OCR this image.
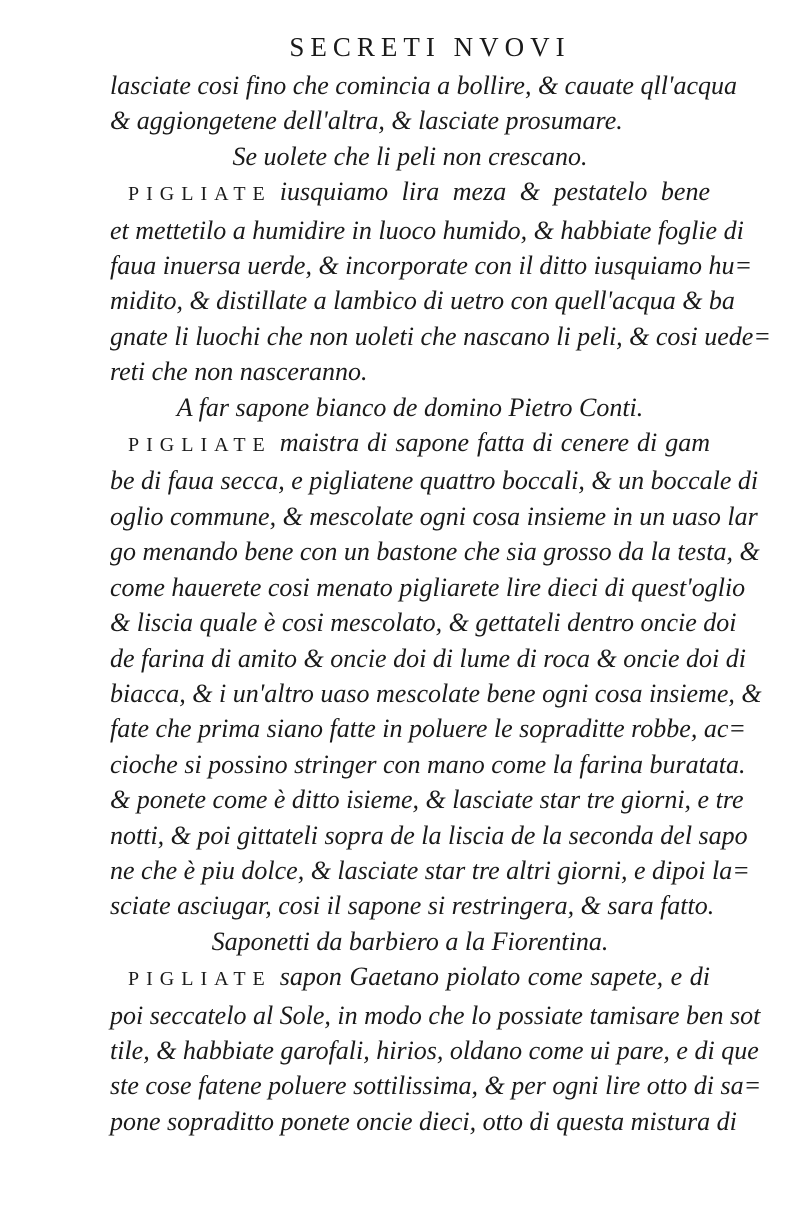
SECRETI NVOVI
lasciate cosi fino che comincia a bollire, & cauate qll'acqua
& aggiongetene dell'altra, & lasciate prosumare.
Se uolete che li peli non crescano.
PIGLIATE iusquiamo lira meza & pestatelo bene
et mettetilo a humidire in luoco humido, & habbiate foglie di
faua inuersa uerde, & incorporate con il ditto iusquiamo hu=
midito, & distillate a lambico di uetro con quell'acqua & ba
gnate li luochi che non uoleti che nascano li peli, & cosi uede=
reti che non nasceranno.
A far sapone bianco de domino Pietro Conti.
PIGLIATE maistra di sapone fatta di cenere di gam
be di faua secca, e pigliatene quattro boccali, & un boccale di
oglio commune, & mescolate ogni cosa insieme in un uaso lar
go menando bene con un bastone che sia grosso da la testa, &
come hauerete cosi menato pigliarete lire dieci di quest'oglio
& liscia quale è cosi mescolato, & gettateli dentro oncie doi
de farina di amito & oncie doi di lume di roca & oncie doi di
biacca, & i un'altro uaso mescolate bene ogni cosa insieme, &
fate che prima siano fatte in poluere le sopraditte robbe, ac=
cioche si possino stringer con mano come la farina buratata.
& ponete come è ditto isieme, & lasciate star tre giorni, e tre
notti, & poi gittateli sopra de la liscia de la seconda del sapo
ne che è piu dolce, & lasciate star tre altri giorni, e dipoi la=
sciate asciugar, cosi il sapone si restringera, & sara fatto.
Saponetti da barbiero a la Fiorentina.
PIGLIATE sapon Gaetano piolato come sapete, e di
poi seccatelo al Sole, in modo che lo possiate tamisare ben sot
tile, & habbiate garofali, hirios, oldano come ui pare, e di que
ste cose fatene poluere sottilissima, & per ogni lire otto di sa=
pone sopraditto ponete oncie dieci, otto di questa mistura di
